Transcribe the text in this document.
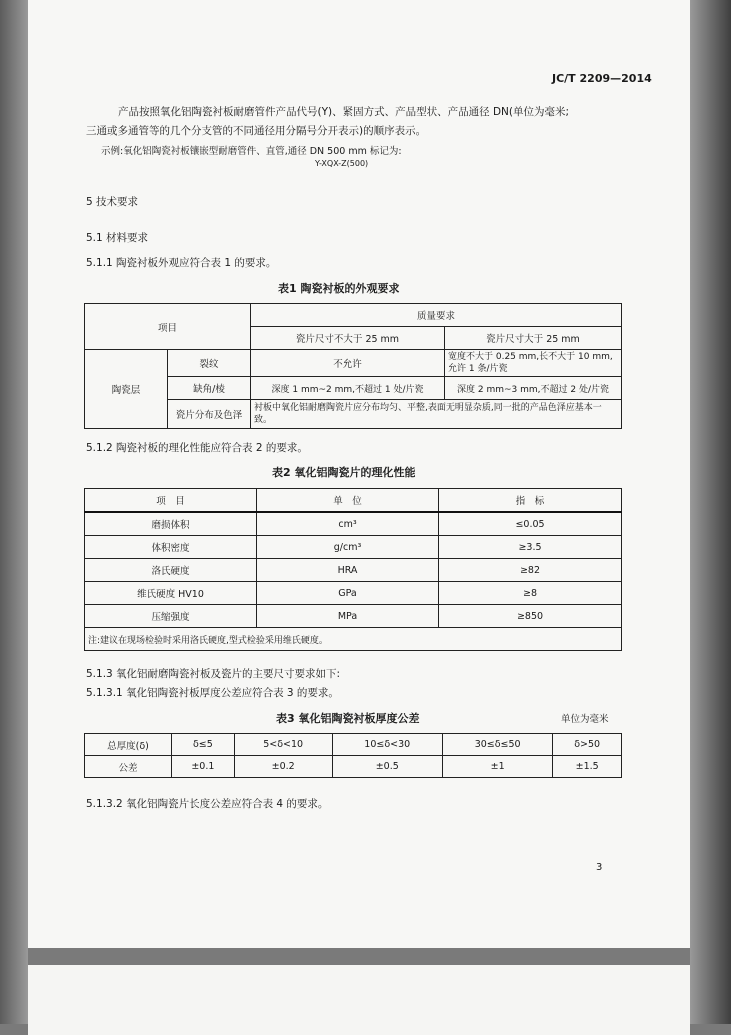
JC/T 2209—2014
产品按照氧化铝陶瓷衬板耐磨管件产品代号(Y)、紧固方式、产品型状、产品通径 DN(单位为毫米;
三通或多通管等的几个分支管的不同通径用分隔号分开表示)的顺序表示。
示例:氧化铝陶瓷衬板镶嵌型耐磨管件、直管,通径 DN 500 mm 标记为:
Y-XQX-Z(500)
5 技术要求
5.1 材料要求
5.1.1 陶瓷衬板外观应符合表 1 的要求。
表1 陶瓷衬板的外观要求
项目		质量要求	
		瓷片尺寸不大于 25 mm	瓷片尺寸大于 25 mm
陶瓷层	裂纹	不允许	宽度不大于 0.25 mm,长不大于 10 mm,允许 1 条/片瓷
	缺角/棱	深度 1 mm~2 mm,不超过 1 处/片瓷	深度 2 mm~3 mm,不超过 2 处/片瓷
	瓷片分布及色泽	衬板中氧化铝耐磨陶瓷片应分布均匀、平整,表面无明显杂质,同一批的产品色泽应基本一致。	
5.1.2 陶瓷衬板的理化性能应符合表 2 的要求。
表2 氧化铝陶瓷片的理化性能
项　目	单　位	指　标
磨损体积	cm³	≤0.05
体积密度	g/cm³	≥3.5
洛氏硬度	HRA	≥82
维氏硬度 HV10	GPa	≥8
压缩强度	MPa	≥850
注:建议在现场检验时采用洛氏硬度,型式检验采用维氏硬度。		
5.1.3 氧化铝耐磨陶瓷衬板及瓷片的主要尺寸要求如下:
5.1.3.1 氧化铝陶瓷衬板厚度公差应符合表 3 的要求。
表3 氧化铝陶瓷衬板厚度公差	单位为毫米
总厚度(δ)	δ≤5	5<δ<10	10≤δ<30	30≤δ≤50	δ>50
公差	±0.1	±0.2	±0.5	±1	±1.5
5.1.3.2 氧化铝陶瓷片长度公差应符合表 4 的要求。
3
